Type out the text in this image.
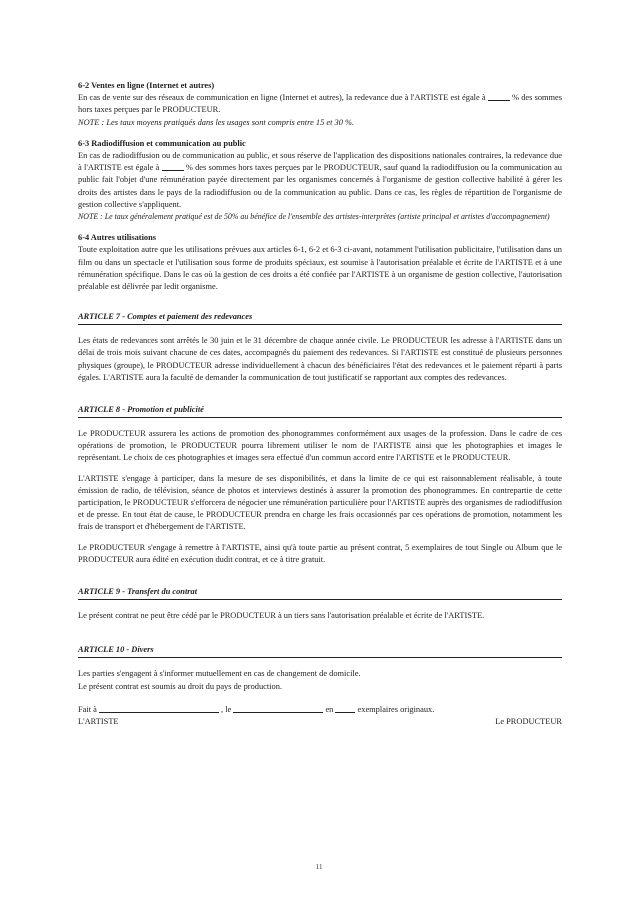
6-2 Ventes en ligne (Internet et autres)

En cas de vente sur des réseaux de communication en ligne (Internet et autres), la redevance due à l'ARTISTE est égale à	% des sommes hors taxes perçues par le PRODUCTEUR.

NOTE : Les taux moyens pratiqués dans les usages sont compris entre 15 et 30 %.

6-3 Radiodiffusion et communication au public

En cas de radiodiffusion ou de communication au public, et sous réserve de l'application des dispositions nationales contraires, la redevance due à l'ARTISTE est égale à	% des sommes hors taxes perçues par le PRODUCTEUR, sauf quand la radiodiffusion ou la communication au public fait l'objet d'une rémunération payée directement par les organismes concernés à l'organisme de gestion collective habilité à gérer les droits des artistes dans le pays de la radiodiffusion ou de la communication au public. Dans ce cas, les règles de répartition de l'organisme de gestion collective s'appliquent.

NOTE : Le taux généralement pratiqué est de 50% au bénéfice de l'ensemble des artistes-interprètes (artiste principal et artistes d'accompagnement)

6-4 Autres utilisations

Toute exploitation autre que les utilisations prévues aux articles 6-1, 6-2 et 6-3 ci-avant, notamment l'utilisation publicitaire, l'utilisation dans un film ou dans un spectacle et l'utilisation sous forme de produits spéciaux, est soumise à l'autorisation préalable et écrite de l'ARTISTE et à une rémunération spécifique. Dans le cas où la gestion de ces droits a été confiée par l'ARTISTE à un organisme de gestion collective, l'autorisation préalable est délivrée par ledit organisme.

ARTICLE 7 - Comptes et paiement des redevances

Les états de redevances sont arrêtés le 30 juin et le 31 décembre de chaque année civile. Le PRODUCTEUR les adresse à l'ARTISTE dans un délai de trois mois suivant chacune de ces dates, accompagnés du paiement des redevances. Si l'ARTISTE est constitué de plusieurs personnes physiques (groupe), le PRODUCTEUR adresse individuellement à chacun des bénéficiaires l'état des redevances et le paiement réparti à parts égales. L'ARTISTE aura la faculté de demander la communication de tout justificatif se rapportant aux comptes des redevances.

ARTICLE 8 - Promotion et publicité

Le PRODUCTEUR assurera les actions de promotion des phonogrammes conformément aux usages de la profession. Dans le cadre de ces opérations de promotion, le PRODUCTEUR pourra librement utiliser le nom de l'ARTISTE ainsi que les photographies et images le représentant. Le choix de ces photographies et images sera effectué d'un commun accord entre l'ARTISTE et le PRODUCTEUR.

L'ARTISTE s'engage à participer, dans la mesure de ses disponibilités, et dans la limite de ce qui est raisonnablement réalisable, à toute émission de radio, de télévision, séance de photos et interviews destinés à assurer la promotion des phonogrammes. En contrepartie de cette participation, le PRODUCTEUR s'efforcera de négocier une rémunération particulière pour l'ARTISTE auprès des organismes de radiodiffusion et de presse. En tout état de cause, le PRODUCTEUR prendra en charge les frais occasionnés par ces opérations de promotion, notamment les frais de transport et d'hébergement de l'ARTISTE.

Le PRODUCTEUR s'engage à remettre à l'ARTISTE, ainsi qu'à toute partie au présent contrat, 5 exemplaires de tout Single ou Album que le PRODUCTEUR aura édité en exécution dudit contrat, et ce à titre gratuit.

ARTICLE 9 - Transfert du contrat

Le présent contrat ne peut être cédé par le PRODUCTEUR à un tiers sans l'autorisation préalable et écrite de l'ARTISTE.

ARTICLE 10 - Divers

Les parties s'engagent à s'informer mutuellement en cas de changement de domicile.

Le présent contrat est soumis au droit du pays de production.

Fait à	, le	en	exemplaires originaux.

L'ARTISTE	Le PRODUCTEUR
11
